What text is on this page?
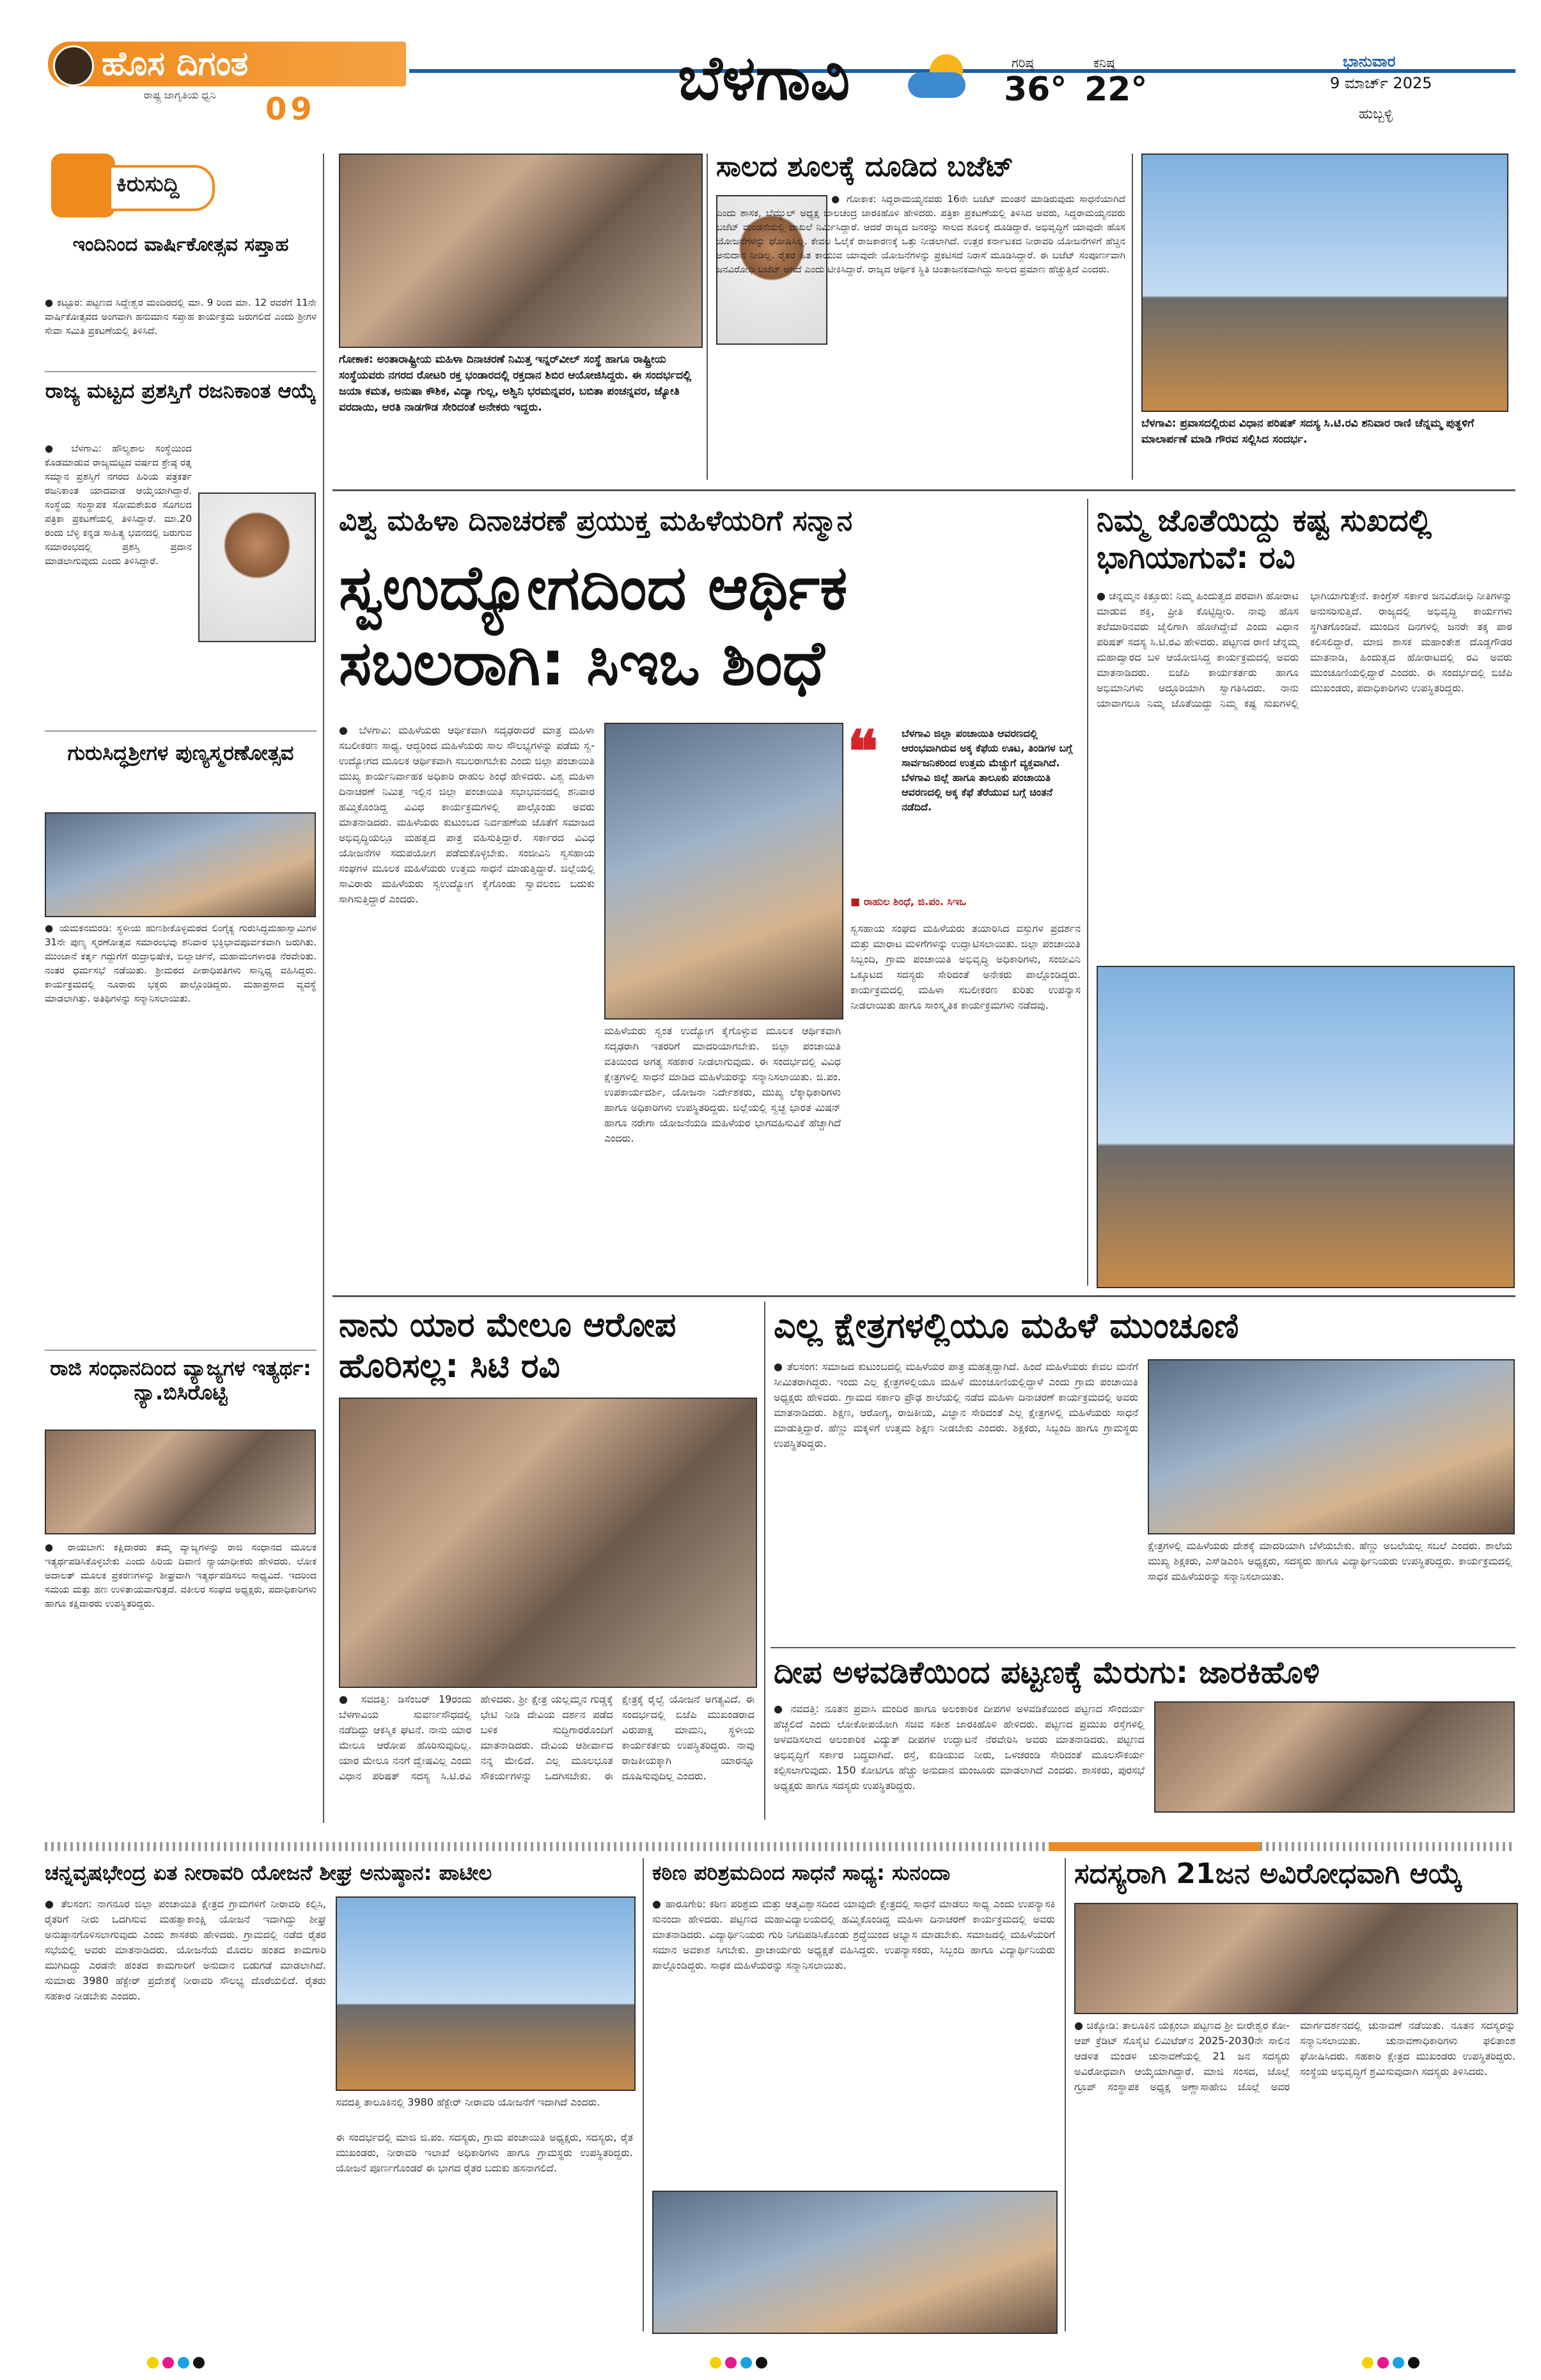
ಹೊಸ ದಿಗಂತ
ರಾಷ್ಟ್ರ ಜಾಗೃತಿಯ ಧ್ವನಿ 09	ಬೆಳಗಾವಿ	ಗರಿಷ್ಠ
36°
ಕನಿಷ್ಠ
22°
ಭಾನುವಾರ
9 ಮಾರ್ಚ್ 2025
ಹುಬ್ಬಳ್ಳಿ
ಕಿರುಸುದ್ದಿ
ಇಂದಿನಿಂದ ವಾರ್ಷಿಕೋತ್ಸವ ಸಪ್ತಾಹ
● ಕಟ್ಟೂರ: ಪಟ್ಟಣದ ಸಿದ್ದೇಶ್ವರ ಮಂದಿರದಲ್ಲಿ ಮಾ. 9 ರಿಂದ ಮಾ. 12 ರವರೆಗೆ 11ನೇ ವಾರ್ಷಿಕೋತ್ಸವದ ಅಂಗವಾಗಿ ಹನುಮಾನ ಸಪ್ತಾಹ ಕಾರ್ಯಕ್ರಮ ಜರುಗಲಿದೆ ಎಂದು ಶ್ರೀಗಳ ಸೇವಾ ಸಮಿತಿ ಪ್ರಕಟಣೆಯಲ್ಲಿ ತಿಳಿಸಿದೆ.
ರಾಜ್ಯ ಮಟ್ಟದ ಪ್ರಶಸ್ತಿಗೆ ರಜನಿಕಾಂತ ಆಯ್ಕೆ
● ಬೆಳಗಾವಿ: ಹೌಲ್ಯಶಾಲ ಸಂಸ್ಥೆಯಿಂದ ಕೊಡಮಾಡುವ ರಾಜ್ಯಮಟ್ಟದ ವರ್ಷದ ಶ್ರೇಷ್ಠ ರತ್ನ ಸಮ್ಮಾನ ಪ್ರಶಸ್ತಿಗೆ ನಗರದ ಹಿರಿಯ ಪತ್ರಕರ್ತ ರಜನಿಕಾಂತ ಯಾದವಾಡ ಆಯ್ಕೆಯಾಗಿದ್ದಾರೆ. ಸಂಸ್ಥೆಯ ಸಂಸ್ಥಾಪಕ ಸೋಮಶೇಖರ ಸೊಗಲದ ಪತ್ರಿಕಾ ಪ್ರಕಟಣೆಯಲ್ಲಿ ತಿಳಿಸಿದ್ದಾರೆ. ಮಾ.20 ರಂದು ಬೆಳ್ಳಿ ಕನ್ನಡ ಸಾಹಿತ್ಯ ಭವನದಲ್ಲಿ ಜರುಗುವ ಸಮಾರಂಭದಲ್ಲಿ ಪ್ರಶಸ್ತಿ ಪ್ರದಾನ ಮಾಡಲಾಗುವುದು ಎಂದು ತಿಳಿಸಿದ್ದಾರೆ.
ಗುರುಸಿದ್ಧಶ್ರೀಗಳ ಪುಣ್ಯಸ್ಮರಣೋತ್ಸವ
● ಯಮಕನಮರಡಿ: ಸ್ಥಳೀಯ ಹುಣಶೀಕೊಳ್ಳಮಠದ ಲಿಂಗೈಕ್ಯ ಗುರುಸಿದ್ಧಮಹಾಸ್ವಾಮಿಗಳ 31ನೇ ಪುಣ್ಯ ಸ್ಮರಣೋತ್ಸವ ಸಮಾರಂಭವು ಶನಿವಾರ ಭಕ್ತಿಭಾವಪೂರ್ವಕವಾಗಿ ಜರುಗಿತು. ಮುಂಜಾನೆ ಕರ್ತೃ ಗದ್ದುಗೆಗೆ ರುದ್ರಾಭಿಷೇಕ, ಬಿಲ್ವಾರ್ಚನೆ, ಮಹಾಮಂಗಳಾರತಿ ನೆರವೇರಿತು. ನಂತರ ಧರ್ಮಸಭೆ ನಡೆಯಿತು. ಶ್ರೀಮಠದ ಪೀಠಾಧಿಪತಿಗಳು ಸಾನ್ನಿಧ್ಯ ವಹಿಸಿದ್ದರು. ಕಾರ್ಯಕ್ರಮದಲ್ಲಿ ನೂರಾರು ಭಕ್ತರು ಪಾಲ್ಗೊಂಡಿದ್ದರು. ಮಹಾಪ್ರಸಾದ ವ್ಯವಸ್ಥೆ ಮಾಡಲಾಗಿತ್ತು. ಅತಿಥಿಗಳನ್ನು ಸನ್ಮಾನಿಸಲಾಯಿತು.
ರಾಜಿ ಸಂಧಾನದಿಂದ ವ್ಯಾಜ್ಯಗಳ ಇತ್ಯರ್ಥ: ನ್ಯಾ.ಬಿಸಿರೊಟ್ಟಿ
● ರಾಯಬಾಗ: ಕಕ್ಷಿದಾರರು ತಮ್ಮ ವ್ಯಾಜ್ಯಗಳನ್ನು ರಾಜಿ ಸಂಧಾನದ ಮೂಲಕ ಇತ್ಯರ್ಥಪಡಿಸಿಕೊಳ್ಳಬೇಕು ಎಂದು ಹಿರಿಯ ದಿವಾಣಿ ನ್ಯಾಯಾಧೀಶರು ಹೇಳಿದರು. ಲೋಕ ಅದಾಲತ್ ಮೂಲಕ ಪ್ರಕರಣಗಳನ್ನು ಶೀಘ್ರವಾಗಿ ಇತ್ಯರ್ಥಪಡಿಸಲು ಸಾಧ್ಯವಿದೆ. ಇದರಿಂದ ಸಮಯ ಮತ್ತು ಹಣ ಉಳಿತಾಯವಾಗುತ್ತದೆ. ವಕೀಲರ ಸಂಘದ ಅಧ್ಯಕ್ಷರು, ಪದಾಧಿಕಾರಿಗಳು ಹಾಗೂ ಕಕ್ಷಿದಾರರು ಉಪಸ್ಥಿತರಿದ್ದರು.
ಗೋಕಾಕ: ಅಂತಾರಾಷ್ಟ್ರೀಯ ಮಹಿಳಾ ದಿನಾಚರಣೆ ನಿಮಿತ್ತ ಇನ್ನರ್‌ವೀಲ್ ಸಂಸ್ಥೆ ಹಾಗೂ ರಾಷ್ಟ್ರೀಯ ಸಂಸ್ಥೆಯವರು ನಗರದ ರೋಟರಿ ರಕ್ತ ಭಂಡಾರದಲ್ಲಿ ರಕ್ತದಾನ ಶಿಬಿರ ಆಯೋಜಿಸಿದ್ದರು. ಈ ಸಂದರ್ಭದಲ್ಲಿ ಜಯಾ ಕಮತ, ಅನುಷಾ ಕೌಶಿಕ, ವಿದ್ಯಾ ಗುಲ್ಲ, ಅಶ್ವಿನಿ ಭರಮನ್ನವರ, ಬಬಿತಾ ಪಂಚನ್ನವರ, ಜ್ಯೋತಿ ವರದಾಯಿ, ಆರತಿ ನಾಡಗೌಡ ಸೇರಿದಂತೆ ಅನೇಕರು ಇದ್ದರು.
ಸಾಲದ ಶೂಲಕ್ಕೆ ದೂಡಿದ ಬಜೆಟ್
● ಗೋಕಾಕ: ಸಿದ್ದರಾಮಯ್ಯನವರು 16ನೇ ಬಜೆಟ್ ಮಂಡನೆ ಮಾಡಿರುವುದು ಸಾಧನೆಯಾಗಿದೆ ಎಂದು ಶಾಸಕ, ಬೆಮ್ಯುಲ್ ಅಧ್ಯಕ್ಷ ಬಾಲಚಂದ್ರ ಜಾರಕಿಹೊಳಿ ಹೇಳಿದರು. ಪತ್ರಿಕಾ ಪ್ರಕಟಣೆಯಲ್ಲಿ ತಿಳಿಸಿದ ಅವರು, ಸಿದ್ದರಾಮಯ್ಯನವರು ಬಜೆಟ್ ಮಂಡನೆಯಲ್ಲಿ ದಾಖಲೆ ನಿರ್ಮಿಸಿದ್ದಾರೆ. ಆದರೆ ರಾಜ್ಯದ ಜನರನ್ನು ಸಾಲದ ಶೂಲಕ್ಕೆ ದೂಡಿದ್ದಾರೆ. ಅಭಿವೃದ್ಧಿಗೆ ಯಾವುದೇ ಹೊಸ ಯೋಜನೆಗಳನ್ನು ಘೋಷಿಸಿಲ್ಲ. ಕೇವಲ ಓಲೈಕೆ ರಾಜಕಾರಣಕ್ಕೆ ಒತ್ತು ನೀಡಲಾಗಿದೆ. ಉತ್ತರ ಕರ್ನಾಟಕದ ನೀರಾವರಿ ಯೋಜನೆಗಳಿಗೆ ಹೆಚ್ಚಿನ ಅನುದಾನ ನೀಡಿಲ್ಲ. ರೈತರ ಹಿತ ಕಾಯುವ ಯಾವುದೇ ಯೋಜನೆಗಳನ್ನು ಪ್ರಕಟಿಸದೆ ನಿರಾಸೆ ಮೂಡಿಸಿದ್ದಾರೆ. ಈ ಬಜೆಟ್ ಸಂಪೂರ್ಣವಾಗಿ ಜನವಿರೋಧಿ ಬಜೆಟ್ ಆಗಿದೆ ಎಂದು ಟೀಕಿಸಿದ್ದಾರೆ. ರಾಜ್ಯದ ಆರ್ಥಿಕ ಸ್ಥಿತಿ ಚಿಂತಾಜನಕವಾಗಿದ್ದು ಸಾಲದ ಪ್ರಮಾಣ ಹೆಚ್ಚುತ್ತಿದೆ ಎಂದರು.
ಬೆಳಗಾವಿ: ಪ್ರವಾಸದಲ್ಲಿರುವ ವಿಧಾನ ಪರಿಷತ್ ಸದಸ್ಯ ಸಿ.ಟಿ.ರವಿ ಶನಿವಾರ ರಾಣಿ ಚೆನ್ನಮ್ಮ ಪುತ್ಥಳಿಗೆ ಮಾಲಾರ್ಪಣೆ ಮಾಡಿ ಗೌರವ ಸಲ್ಲಿಸಿದ ಸಂದರ್ಭ.
ವಿಶ್ವ ಮಹಿಳಾ ದಿನಾಚರಣೆ ಪ್ರಯುಕ್ತ ಮಹಿಳೆಯರಿಗೆ ಸನ್ಮಾನ
ಸ್ವಉದ್ಯೋಗದಿಂದ ಆರ್ಥಿಕ ಸಬಲರಾಗಿ: ಸಿಇಒ ಶಿಂಧೆ
● ಬೆಳಗಾವಿ: ಮಹಿಳೆಯರು ಆರ್ಥಿಕವಾಗಿ ಸದೃಢರಾದರೆ ಮಾತ್ರ ಮಹಿಳಾ ಸಬಲೀಕರಣ ಸಾಧ್ಯ. ಆದ್ದರಿಂದ ಮಹಿಳೆಯರು ಸಾಲ ಸೌಲಭ್ಯಗಳನ್ನು ಪಡೆದು ಸ್ವ-ಉದ್ಯೋಗದ ಮೂಲಕ ಆರ್ಥಿಕವಾಗಿ ಸಬಲರಾಗಬೇಕು ಎಂದು ಜಿಲ್ಲಾ ಪಂಚಾಯಿತಿ ಮುಖ್ಯ ಕಾರ್ಯನಿರ್ವಾಹಕ ಅಧಿಕಾರಿ ರಾಹುಲ ಶಿಂಧೆ ಹೇಳಿದರು. ವಿಶ್ವ ಮಹಿಳಾ ದಿನಾಚರಣೆ ನಿಮಿತ್ತ ಇಲ್ಲಿನ ಜಿಲ್ಲಾ ಪಂಚಾಯಿತಿ ಸಭಾಭವನದಲ್ಲಿ ಶನಿವಾರ ಹಮ್ಮಿಕೊಂಡಿದ್ದ ವಿವಿಧ ಕಾರ್ಯಕ್ರಮಗಳಲ್ಲಿ ಪಾಲ್ಗೊಂಡು ಅವರು ಮಾತನಾಡಿದರು. ಮಹಿಳೆಯರು ಕುಟುಂಬದ ನಿರ್ವಹಣೆಯ ಜೊತೆಗೆ ಸಮಾಜದ ಅಭಿವೃದ್ಧಿಯಲ್ಲೂ ಮಹತ್ವದ ಪಾತ್ರ ವಹಿಸುತ್ತಿದ್ದಾರೆ. ಸರ್ಕಾರದ ವಿವಿಧ ಯೋಜನೆಗಳ ಸದುಪಯೋಗ ಪಡೆದುಕೊಳ್ಳಬೇಕು. ಸಂಜೀವಿನಿ ಸ್ವಸಹಾಯ ಸಂಘಗಳ ಮೂಲಕ ಮಹಿಳೆಯರು ಉತ್ತಮ ಸಾಧನೆ ಮಾಡುತ್ತಿದ್ದಾರೆ. ಜಿಲ್ಲೆಯಲ್ಲಿ ಸಾವಿರಾರು ಮಹಿಳೆಯರು ಸ್ವಉದ್ಯೋಗ ಕೈಗೊಂಡು ಸ್ವಾವಲಂಬಿ ಬದುಕು ಸಾಗಿಸುತ್ತಿದ್ದಾರೆ ಎಂದರು.
ಮಹಿಳೆಯರು ಸ್ವಂತ ಉದ್ಯೋಗ ಕೈಗೊಳ್ಳುವ ಮೂಲಕ ಆರ್ಥಿಕವಾಗಿ ಸದೃಢರಾಗಿ ಇತರರಿಗೆ ಮಾದರಿಯಾಗಬೇಕು. ಜಿಲ್ಲಾ ಪಂಚಾಯಿತಿ ವತಿಯಿಂದ ಅಗತ್ಯ ಸಹಕಾರ ನೀಡಲಾಗುವುದು. ಈ ಸಂದರ್ಭದಲ್ಲಿ ವಿವಿಧ ಕ್ಷೇತ್ರಗಳಲ್ಲಿ ಸಾಧನೆ ಮಾಡಿದ ಮಹಿಳೆಯರನ್ನು ಸನ್ಮಾನಿಸಲಾಯಿತು. ಜಿ.ಪಂ. ಉಪಕಾರ್ಯದರ್ಶಿ, ಯೋಜನಾ ನಿರ್ದೇಶಕರು, ಮುಖ್ಯ ಲೆಕ್ಕಾಧಿಕಾರಿಗಳು ಹಾಗೂ ಅಧಿಕಾರಿಗಳು ಉಪಸ್ಥಿತರಿದ್ದರು. ಜಿಲ್ಲೆಯಲ್ಲಿ ಸ್ವಚ್ಛ ಭಾರತ ಮಿಷನ್ ಹಾಗೂ ನರೇಗಾ ಯೋಜನೆಯಡಿ ಮಹಿಳೆಯರ ಭಾಗವಹಿಸುವಿಕೆ ಹೆಚ್ಚಾಗಿದೆ ಎಂದರು.
❝ ಬೆಳಗಾವಿ ಜಿಲ್ಲಾ ಪಂಚಾಯಿತಿ ಆವರಣದಲ್ಲಿ ಆರಂಭವಾಗಿರುವ ಅಕ್ಕ ಕೆಫೆಯ ಊಟ, ತಿಂಡಿಗಳ ಬಗ್ಗೆ ಸಾರ್ವಜನಿಕರಿಂದ ಉತ್ತಮ ಮೆಚ್ಚುಗೆ ವ್ಯಕ್ತವಾಗಿದೆ. ಬೆಳಗಾವಿ ಜಿಲ್ಲೆ ಹಾಗೂ ತಾಲೂಕು ಪಂಚಾಯಿತಿ ಆವರಣದಲ್ಲಿ ಅಕ್ಕ ಕೆಫೆ ತೆರೆಯುವ ಬಗ್ಗೆ ಚಿಂತನೆ ನಡೆದಿದೆ.
■ ರಾಹುಲ ಶಿಂಧೆ, ಜಿ.ಪಂ. ಸಿಇಒ
ಸ್ವಸಹಾಯ ಸಂಘದ ಮಹಿಳೆಯರು ತಯಾರಿಸಿದ ವಸ್ತುಗಳ ಪ್ರದರ್ಶನ ಮತ್ತು ಮಾರಾಟ ಮಳಿಗೆಗಳನ್ನು ಉದ್ಘಾಟಿಸಲಾಯಿತು. ಜಿಲ್ಲಾ ಪಂಚಾಯಿತಿ ಸಿಬ್ಬಂದಿ, ಗ್ರಾಮ ಪಂಚಾಯಿತಿ ಅಭಿವೃದ್ಧಿ ಅಧಿಕಾರಿಗಳು, ಸಂಜೀವಿನಿ ಒಕ್ಕೂಟದ ಸದಸ್ಯರು ಸೇರಿದಂತೆ ಅನೇಕರು ಪಾಲ್ಗೊಂಡಿದ್ದರು. ಕಾರ್ಯಕ್ರಮದಲ್ಲಿ ಮಹಿಳಾ ಸಬಲೀಕರಣ ಕುರಿತು ಉಪನ್ಯಾಸ ನೀಡಲಾಯಿತು ಹಾಗೂ ಸಾಂಸ್ಕೃತಿಕ ಕಾರ್ಯಕ್ರಮಗಳು ನಡೆದವು.
ನಿಮ್ಮ ಜೊತೆಯಿದ್ದು ಕಷ್ಟ ಸುಖದಲ್ಲಿ ಭಾಗಿಯಾಗುವೆ: ರವಿ
● ಚನ್ನಮ್ಮನ ಕಿತ್ತೂರು: ನಿಮ್ಮ ಹಿಂದುತ್ವದ ಪರವಾಗಿ ಹೋರಾಟ ಮಾಡುವ ಶಕ್ತಿ, ಪ್ರೀತಿ ಕೊಟ್ಟಿದ್ದೀರಿ. ನಾವು ಹೊಸ ತಲೆಮಾರಿನವರು ಜೈಲಿಗಾಗಿ ಹೋಗಿದ್ದೇವೆ ಎಂದು ವಿಧಾನ ಪರಿಷತ್ ಸದಸ್ಯ ಸಿ.ಟಿ.ರವಿ ಹೇಳಿದರು. ಪಟ್ಟಣದ ರಾಣಿ ಚೆನ್ನಮ್ಮ ಮಹಾದ್ವಾರದ ಬಳಿ ಆಯೋಜಿಸಿದ್ದ ಕಾರ್ಯಕ್ರಮದಲ್ಲಿ ಅವರು ಮಾತನಾಡಿದರು. ಬಿಜೆಪಿ ಕಾರ್ಯಕರ್ತರು ಹಾಗೂ ಅಭಿಮಾನಿಗಳು ಅದ್ಧೂರಿಯಾಗಿ ಸ್ವಾಗತಿಸಿದರು. ನಾನು ಯಾವಾಗಲೂ ನಿಮ್ಮ ಜೊತೆಯಿದ್ದು ನಿಮ್ಮ ಕಷ್ಟ ಸುಖಗಳಲ್ಲಿ ಭಾಗಿಯಾಗುತ್ತೇನೆ. ಕಾಂಗ್ರೆಸ್ ಸರ್ಕಾರ ಜನವಿರೋಧಿ ನೀತಿಗಳನ್ನು ಅನುಸರಿಸುತ್ತಿದೆ. ರಾಜ್ಯದಲ್ಲಿ ಅಭಿವೃದ್ಧಿ ಕಾರ್ಯಗಳು ಸ್ಥಗಿತಗೊಂಡಿವೆ. ಮುಂದಿನ ದಿನಗಳಲ್ಲಿ ಜನರೇ ತಕ್ಕ ಪಾಠ ಕಲಿಸಲಿದ್ದಾರೆ. ಮಾಜಿ ಶಾಸಕ ಮಹಾಂತೇಶ ದೊಡ್ಡಗೌಡರ ಮಾತನಾಡಿ, ಹಿಂದುತ್ವದ ಹೋರಾಟದಲ್ಲಿ ರವಿ ಅವರು ಮುಂಚೂಣಿಯಲ್ಲಿದ್ದಾರೆ ಎಂದರು. ಈ ಸಂದರ್ಭದಲ್ಲಿ ಬಿಜೆಪಿ ಮುಖಂಡರು, ಪದಾಧಿಕಾರಿಗಳು ಉಪಸ್ಥಿತರಿದ್ದರು.
ನಾನು ಯಾರ ಮೇಲೂ ಆರೋಪ ಹೊರಿಸಲ್ಲ: ಸಿಟಿ ರವಿ
● ಸವದತ್ತಿ: ಡಿಸೆಂಬರ್ 19ರಂದು ಬೆಳಗಾವಿಯ ಸುವರ್ಣಸೌಧದಲ್ಲಿ ನಡೆದಿದ್ದು ಆಕಸ್ಮಿಕ ಘಟನೆ. ನಾನು ಯಾರ ಮೇಲೂ ಆರೋಪ ಹೊರಿಸುವುದಿಲ್ಲ. ಯಾರ ಮೇಲೂ ನನಗೆ ದ್ವೇಷವಿಲ್ಲ ಎಂದು ವಿಧಾನ ಪರಿಷತ್ ಸದಸ್ಯ ಸಿ.ಟಿ.ರವಿ ಹೇಳಿದರು. ಶ್ರೀ ಕ್ಷೇತ್ರ ಯಲ್ಲಮ್ಮನ ಗುಡ್ಡಕ್ಕೆ ಭೇಟಿ ನೀಡಿ ದೇವಿಯ ದರ್ಶನ ಪಡೆದ ಬಳಿಕ ಸುದ್ದಿಗಾರರೊಂದಿಗೆ ಮಾತನಾಡಿದರು. ದೇವಿಯ ಆಶೀರ್ವಾದ ನನ್ನ ಮೇಲಿದೆ. ಎಲ್ಲ ಮೂಲಭೂತ ಸೌಕರ್ಯಗಳನ್ನು ಒದಗಿಸಬೇಕು. ಈ ಕ್ಷೇತ್ರಕ್ಕೆ ರೈಲ್ವೆ ಯೋಜನೆ ಅಗತ್ಯವಿದೆ. ಈ ಸಂದರ್ಭದಲ್ಲಿ ಬಿಜೆಪಿ ಮುಖಂಡರಾದ ವಿರುಪಾಕ್ಷ ಮಾಮನಿ, ಸ್ಥಳೀಯ ಕಾರ್ಯಕರ್ತರು ಉಪಸ್ಥಿತರಿದ್ದರು. ನಾವು ರಾಜಕೀಯಕ್ಕಾಗಿ ಯಾರನ್ನೂ ದೂಷಿಸುವುದಿಲ್ಲ ಎಂದರು.
ಎಲ್ಲ ಕ್ಷೇತ್ರಗಳಲ್ಲಿಯೂ ಮಹಿಳೆ ಮುಂಚೂಣಿ
● ತೆಲಸಂಗ: ಸಮಾಜದ ಕುಟುಂಬದಲ್ಲಿ ಮಹಿಳೆಯರ ಪಾತ್ರ ಮಹತ್ವದ್ದಾಗಿದೆ. ಹಿಂದೆ ಮಹಿಳೆಯರು ಕೇವಲ ಮನೆಗೆ ಸೀಮಿತರಾಗಿದ್ದರು. ಇಂದು ಎಲ್ಲ ಕ್ಷೇತ್ರಗಳಲ್ಲಿಯೂ ಮಹಿಳೆ ಮುಂಚೂಣಿಯಲ್ಲಿದ್ದಾಳೆ ಎಂದು ಗ್ರಾಮ ಪಂಚಾಯಿತಿ ಅಧ್ಯಕ್ಷರು ಹೇಳಿದರು. ಗ್ರಾಮದ ಸರ್ಕಾರಿ ಪ್ರೌಢ ಶಾಲೆಯಲ್ಲಿ ನಡೆದ ಮಹಿಳಾ ದಿನಾಚರಣೆ ಕಾರ್ಯಕ್ರಮದಲ್ಲಿ ಅವರು ಮಾತನಾಡಿದರು. ಶಿಕ್ಷಣ, ಆರೋಗ್ಯ, ರಾಜಕೀಯ, ವಿಜ್ಞಾನ ಸೇರಿದಂತೆ ಎಲ್ಲ ಕ್ಷೇತ್ರಗಳಲ್ಲಿ ಮಹಿಳೆಯರು ಸಾಧನೆ ಮಾಡುತ್ತಿದ್ದಾರೆ. ಹೆಣ್ಣು ಮಕ್ಕಳಿಗೆ ಉತ್ತಮ ಶಿಕ್ಷಣ ನೀಡಬೇಕು ಎಂದರು. ಶಿಕ್ಷಕರು, ಸಿಬ್ಬಂದಿ ಹಾಗೂ ಗ್ರಾಮಸ್ಥರು ಉಪಸ್ಥಿತರಿದ್ದರು.
ಕ್ಷೇತ್ರಗಳಲ್ಲಿ ಮಹಿಳೆಯರು ದೇಶಕ್ಕೆ ಮಾದರಿಯಾಗಿ ಬೆಳೆಯಬೇಕು. ಹೆಣ್ಣು ಅಬಲೆಯಲ್ಲ ಸಬಲೆ ಎಂದರು. ಶಾಲೆಯ ಮುಖ್ಯ ಶಿಕ್ಷಕರು, ಎಸ್‌ಡಿಎಂಸಿ ಅಧ್ಯಕ್ಷರು, ಸದಸ್ಯರು ಹಾಗೂ ವಿದ್ಯಾರ್ಥಿನಿಯರು ಉಪಸ್ಥಿತರಿದ್ದರು. ಕಾರ್ಯಕ್ರಮದಲ್ಲಿ ಸಾಧಕ ಮಹಿಳೆಯರನ್ನು ಸನ್ಮಾನಿಸಲಾಯಿತು.
ದೀಪ ಅಳವಡಿಕೆಯಿಂದ ಪಟ್ಟಣಕ್ಕೆ ಮೆರುಗು: ಜಾರಕಿಹೊಳಿ
● ನವದತ್ತಿ: ನೂತನ ಪ್ರವಾಸಿ ಮಂದಿರ ಹಾಗೂ ಅಲಂಕಾರಿಕ ದೀಪಗಳ ಅಳವಡಿಕೆಯಿಂದ ಪಟ್ಟಣದ ಸೌಂದರ್ಯ ಹೆಚ್ಚಲಿದೆ ಎಂದು ಲೋಕೋಪಯೋಗಿ ಸಚಿವ ಸತೀಶ ಜಾರಕಿಹೊಳಿ ಹೇಳಿದರು. ಪಟ್ಟಣದ ಪ್ರಮುಖ ರಸ್ತೆಗಳಲ್ಲಿ ಅಳವಡಿಸಲಾದ ಅಲಂಕಾರಿಕ ವಿದ್ಯುತ್ ದೀಪಗಳ ಉದ್ಘಾಟನೆ ನೆರವೇರಿಸಿ ಅವರು ಮಾತನಾಡಿದರು. ಪಟ್ಟಣದ ಅಭಿವೃದ್ಧಿಗೆ ಸರ್ಕಾರ ಬದ್ಧವಾಗಿದೆ. ರಸ್ತೆ, ಕುಡಿಯುವ ನೀರು, ಒಳಚರಂಡಿ ಸೇರಿದಂತೆ ಮೂಲಸೌಕರ್ಯ ಕಲ್ಪಿಸಲಾಗುವುದು. 150 ಕೋಟಿಗೂ ಹೆಚ್ಚು ಅನುದಾನ ಮಂಜೂರು ಮಾಡಲಾಗಿದೆ ಎಂದರು. ಶಾಸಕರು, ಪುರಸಭೆ ಅಧ್ಯಕ್ಷರು ಹಾಗೂ ಸದಸ್ಯರು ಉಪಸ್ಥಿತರಿದ್ದರು.
ಚನ್ನವೃಷಭೇಂದ್ರ ಏತ ನೀರಾವರಿ ಯೋಜನೆ ಶೀಘ್ರ ಅನುಷ್ಠಾನ: ಪಾಟೀಲ
● ತೆಲಸಂಗ: ನಾಗನೂರ ಜಿಲ್ಲಾ ಪಂಚಾಯಿತಿ ಕ್ಷೇತ್ರದ ಗ್ರಾಮಗಳಿಗೆ ನೀರಾವರಿ ಕಲ್ಪಿಸಿ, ರೈತರಿಗೆ ನೀರು ಒದಗಿಸುವ ಮಹತ್ವಾಕಾಂಕ್ಷಿ ಯೋಜನೆ ಇದಾಗಿದ್ದು ಶೀಘ್ರ ಅನುಷ್ಠಾನಗೊಳಿಸಲಾಗುವುದು ಎಂದು ಶಾಸಕರು ಹೇಳಿದರು. ಗ್ರಾಮದಲ್ಲಿ ನಡೆದ ರೈತರ ಸಭೆಯಲ್ಲಿ ಅವರು ಮಾತನಾಡಿದರು. ಯೋಜನೆಯ ಮೊದಲ ಹಂತದ ಕಾಮಗಾರಿ ಮುಗಿದಿದ್ದು ಎರಡನೇ ಹಂತದ ಕಾಮಗಾರಿಗೆ ಅನುದಾನ ಬಿಡುಗಡೆ ಮಾಡಲಾಗಿದೆ. ಸುಮಾರು 3980 ಹೆಕ್ಟೇರ್ ಪ್ರದೇಶಕ್ಕೆ ನೀರಾವರಿ ಸೌಲಭ್ಯ ದೊರೆಯಲಿದೆ. ರೈತರು ಸಹಕಾರ ನೀಡಬೇಕು ಎಂದರು.
ಸವದತ್ತಿ ತಾಲೂಕಿನಲ್ಲಿ 3980 ಹೆಕ್ಟೇರ್ ನೀರಾವರಿ ಯೋಜನೆಗೆ ಇದಾಗಿದೆ ಎಂದರು.
ಈ ಸಂದರ್ಭದಲ್ಲಿ ಮಾಜಿ ಜಿ.ಪಂ. ಸದಸ್ಯರು, ಗ್ರಾಮ ಪಂಚಾಯಿತಿ ಅಧ್ಯಕ್ಷರು, ಸದಸ್ಯರು, ರೈತ ಮುಖಂಡರು, ನೀರಾವರಿ ಇಲಾಖೆ ಅಧಿಕಾರಿಗಳು ಹಾಗೂ ಗ್ರಾಮಸ್ಥರು ಉಪಸ್ಥಿತರಿದ್ದರು. ಯೋಜನೆ ಪೂರ್ಣಗೊಂಡರೆ ಈ ಭಾಗದ ರೈತರ ಬದುಕು ಹಸನಾಗಲಿದೆ.
ಕಠಿಣ ಪರಿಶ್ರಮದಿಂದ ಸಾಧನೆ ಸಾಧ್ಯ: ಸುನಂದಾ
● ಹಾರೂಗೇರಿ: ಕಠಿಣ ಪರಿಶ್ರಮ ಮತ್ತು ಆತ್ಮವಿಶ್ವಾಸದಿಂದ ಯಾವುದೇ ಕ್ಷೇತ್ರದಲ್ಲಿ ಸಾಧನೆ ಮಾಡಲು ಸಾಧ್ಯ ಎಂದು ಉಪನ್ಯಾಸಕಿ ಸುನಂದಾ ಹೇಳಿದರು. ಪಟ್ಟಣದ ಮಹಾವಿದ್ಯಾಲಯದಲ್ಲಿ ಹಮ್ಮಿಕೊಂಡಿದ್ದ ಮಹಿಳಾ ದಿನಾಚರಣೆ ಕಾರ್ಯಕ್ರಮದಲ್ಲಿ ಅವರು ಮಾತನಾಡಿದರು. ವಿದ್ಯಾರ್ಥಿನಿಯರು ಗುರಿ ನಿಗದಿಪಡಿಸಿಕೊಂಡು ಶ್ರದ್ಧೆಯಿಂದ ಅಭ್ಯಾಸ ಮಾಡಬೇಕು. ಸಮಾಜದಲ್ಲಿ ಮಹಿಳೆಯರಿಗೆ ಸಮಾನ ಅವಕಾಶ ಸಿಗಬೇಕು. ಪ್ರಾಚಾರ್ಯರು ಅಧ್ಯಕ್ಷತೆ ವಹಿಸಿದ್ದರು. ಉಪನ್ಯಾಸಕರು, ಸಿಬ್ಬಂದಿ ಹಾಗೂ ವಿದ್ಯಾರ್ಥಿನಿಯರು ಪಾಲ್ಗೊಂಡಿದ್ದರು. ಸಾಧಕ ಮಹಿಳೆಯರನ್ನು ಸನ್ಮಾನಿಸಲಾಯಿತು.
ಸದಸ್ಯರಾಗಿ 21ಜನ ಅವಿರೋಧವಾಗಿ ಆಯ್ಕೆ
● ಚಿಕ್ಕೋಡಿ: ತಾಲೂಕಿನ ಯಕ್ಸಂಬಾ ಪಟ್ಟಣದ ಶ್ರೀ ಬೀರೇಶ್ವರ ಕೋ-ಆಪ್ ಕ್ರೆಡಿಟ್ ಸೊಸೈಟಿ ಲಿಮಿಟೆಡ್‌ನ 2025-2030ನೇ ಸಾಲಿನ ಆಡಳಿತ ಮಂಡಳಿ ಚುನಾವಣೆಯಲ್ಲಿ 21 ಜನ ಸದಸ್ಯರು ಅವಿರೋಧವಾಗಿ ಆಯ್ಕೆಯಾಗಿದ್ದಾರೆ. ಮಾಜಿ ಸಂಸದ, ಜೊಲ್ಲೆ ಗ್ರೂಪ್ ಸಂಸ್ಥಾಪಕ ಅಧ್ಯಕ್ಷ ಅಣ್ಣಾಸಾಹೇಬ ಜೊಲ್ಲೆ ಅವರ ಮಾರ್ಗದರ್ಶನದಲ್ಲಿ ಚುನಾವಣೆ ನಡೆಯಿತು. ನೂತನ ಸದಸ್ಯರನ್ನು ಸನ್ಮಾನಿಸಲಾಯಿತು. ಚುನಾವಣಾಧಿಕಾರಿಗಳು ಫಲಿತಾಂಶ ಘೋಷಿಸಿದರು. ಸಹಕಾರಿ ಕ್ಷೇತ್ರದ ಮುಖಂಡರು ಉಪಸ್ಥಿತರಿದ್ದರು. ಸಂಸ್ಥೆಯ ಅಭಿವೃದ್ಧಿಗೆ ಶ್ರಮಿಸುವುದಾಗಿ ಸದಸ್ಯರು ತಿಳಿಸಿದರು.
